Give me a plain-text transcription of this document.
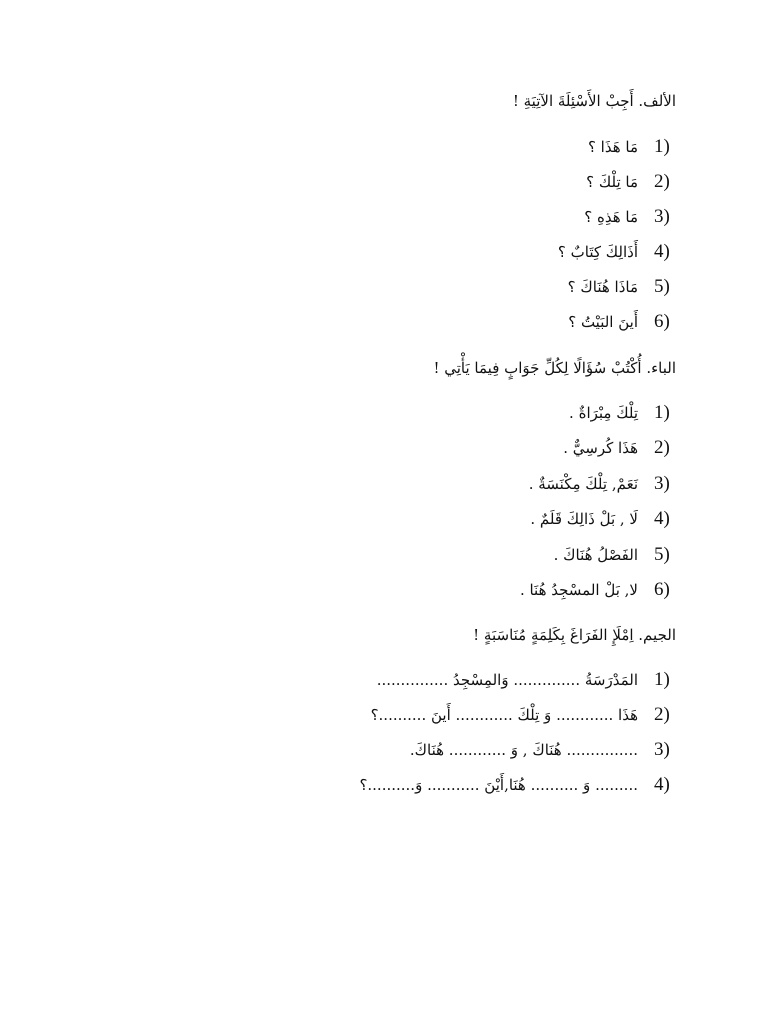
الألف. أَجِبْ الأَسْئِلَةَ الآتِيَةِ !
1)
مَا هَذَا ؟
2)
مَا تِلْكَ ؟
3)
مَا هَذِهِ ؟
4)
أَذَالِكَ كِتَابٌ ؟
5)
مَاذَا هُنَاكَ ؟
6)
أَينَ البَيْتُ ؟
الباء. أُكْتُبْ سُؤَالًا لِكُلِّ جَوَابٍ فِيمَا يَأْتِي !
1)
تِلْكَ مِبْرَاةٌ .
2)
هَذَا كُرسِيٌّ .
3)
نَعَمْ, تِلْكَ مِكْنَسَةٌ .
4)
لَا , بَلْ ذَالِكَ قَلَمٌ .
5)
الفَصْلُ هُنَاكَ .
6)
لا, بَلْ المسْجِدُ هُنَا .
الجيم. اِمْلَإِ الفَرَاغَ بِكَلِمَةٍ مُنَاسَبَةٍ !
1)
المَدْرَسَةُ .............. وَالمِسْجِدُ ...............
2)
هَذَا ............ وَ تِلْكَ ............ أَينَ ..........؟
3)
............... هُنَاكَ , وَ ............ هُنَاكَ.
4)
......... وَ .......... هُنَا,أَيْنَ ........... وَ..........؟
